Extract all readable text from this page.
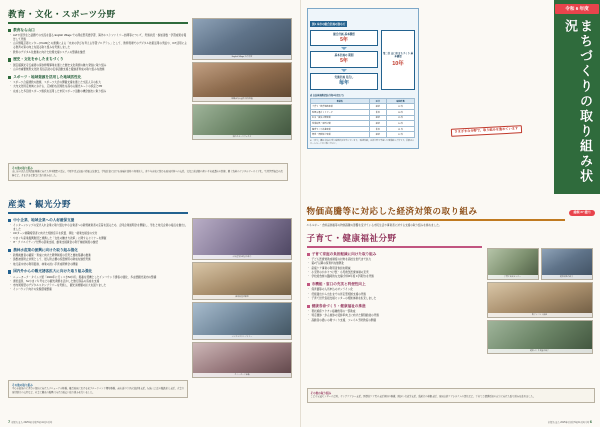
教育・文化・スポーツ分野
教育なら山口
・ ALTや留学生と話題での交流を図る English Village での滞在型英語学習、海外ホストファミリー訪問等について、実施状況・参加者数・学習成果を報告して実施
・ 山口情報芸術センター(YCAM)との連携による「未来の学びを考える学習プログラム」として、教育現場でのデジタル技術活用の実証や、ICT活用による教育の質の向上を図る取り組みを実施しました
・ 教育のデジタル化推進に向けた校務支援システムの整備を継続
歴史・文化をかしたまちづくり
・ 国宝瑠璃光寺五重塔の保存修理事業を通じた歴史文化資源の魅力発信に取り組み
・ 山口市重要無形文化財 民俗芸能の伝承活動支援と後継者育成の取り組みを推進
スポーツ・地域資源を活用した地域活性化
・ スポーツ合宿誘致の推進、スポーツ大会の開催支援を通じた交流人口の拡大
・ 大内文化特定地域における、広域的な回遊性を高める観光ルートの設定とPR
・ 完成した多目的スポーツ施設を活用した市民スポーツ活動の機会創出に取り組み
English Village での学習
瑠璃光寺五重塔 保存修理
市民スポーツフェスタ
その他の取り組み
山口市の新たな図書館整備に向けた基本構想の策定、中原中也記念館の開館記念事業、学校給食における地場産食材の利用拡大、青少年育成に関わる地域団体への支援、文化芸術活動の担い手育成講座の開催、郷土資料のデジタルアーカイブ化、生涯学習施設の改修など、さまざまな事業に取り組みました。
産業・観光分野
中小企業、地域企業への人材確保支援
・ インターンシップの受け入れ企業に取り組む中小企業者への新規就業者の定着を図るため、合同企業説明会を開催し、学生と地元企業の接点を創出しました
・ UJIターン就職希望者に向けた相談窓口を設置、移住・就業支援金の交付
・ やまぐち産業振興財団と連携した「女性の働き方改革」に関するセミナーを開催
・ IT・クリエイティブ分野の起業支援、創業支援資金の利子補給制度の継続
農林水産業の振興に向けた取り組み強化
・ 新規就農者の確保・育成に向けた研修制度の充実と農地集積の推進
・ 鳥獣被害防止対策として、侵入防止柵の設置費用の助成を継続実施
・ 地元産木材の利用促進、林業の担い手育成研修会の開催
国内外からの観光誘客拡大に向けた取り組み強化
・ ニューヨーク・タイムズ紙「2024年に行くべき52か所」掲載を契機としたインバウンド誘客の強化、多言語観光案内の整備
・ 湯田温泉、SLやまぐち号などの観光資源を活かした旅行商品の造成を支援
・ 市内周遊型のデジタルスタンプラリーを実施し、観光消費額の拡大を図りました
・ インバウンド向けの免税環境整備
合同企業説明会の様子
新規就農者研修
デジタルスタンプラリー
スノーボード体験
その他の取り組み
中心市街地のにぎわい創出に向けたリニューアル整備、離島地域における光ブロードバンド環境整備、商店街の空き店舗活用支援、伝統工芸品の販路拡大支援、企業立地奨励金の交付など、産業と観光の振興に向けた幅広い取り組みを行いました。
7 市報ちまた 2025年(令和7年)11月1日号
令和 6 年度
まちづくりの取り組み状況
図1 本市の総合計画の進め方
総合計画 基本構想
5年
基本計画の 期間
5年
実施計画 見直し
毎年
第二次 山口市まちづくり 基本構想
10年
表 自治体連携状況(令和6年度まで)
事業名	区分	取組件数
子育て・教育連携事業	継続	22 件
地域交通ネットワーク	新規	18 件
防災・減災対策事業	継続	25 件
産業振興・雇用対策	継続	14 件
健康づくり推進事業	新規	21 件
環境・景観保全事業	継続	12 件
※ 「区分」欄は令和6年度の取組状況を示しています。「取組件数」は各分野で実施した事業数の合計です。詳細は市ホームページをご覧ください。
さまざまな分野で、取り組みを進めています
物価高騰等に対応した経済対策の取り組み	総額 27 億円
エネルギー・食料品価格等の物価高騰の影響を受けている市民生活や事業者に対する支援の取り組みを進めました。
子育て・健康福祉分野
子育て家庭の負担軽減に向けた取り組み
・ 子ども医療費助成制度の対象を高校生世代まで拡大
・ 第2子以降の保育料を無償化
・ 産後ケア事業の利用者負担を軽減
・ 小児科のかかりつけ医・小児救急医療体制の充実
・ 学校給食費の臨時的な支援(令和6年度 1学期分)を実施
市機能・窓口の充実と利便性向上
・ 保育園等の入所申込のオンライン化
・ 妊娠届出から出生までの伴走型相談支援の実施
・ 子育て世代包括支援センターの相談体制を拡充しました
健康寿命づくり・健康福祉の推進
・ 帯状疱疹ワクチン接種費用の一部助成
・ 特定健診・がん検診の受診率向上に向けた個別勧奨の実施
・ 高齢者の通いの場づくり支援、フレイル予防教室の開催
子育て支援センター	健康相談の様子
親子イベント開催
健康づくり教室の様子
その他の取り組み
こども家庭センターの設置、ヤングケアラー支援、医療的ケア児の支援体制の整備、障がい者就労支援、高齢者の移動支援、地域包括ケアシステムの深化など、子育てと健康福祉の充実に向けた取り組みを進めました。
市報ちまた 2025年(令和7年)11月1日号 6
